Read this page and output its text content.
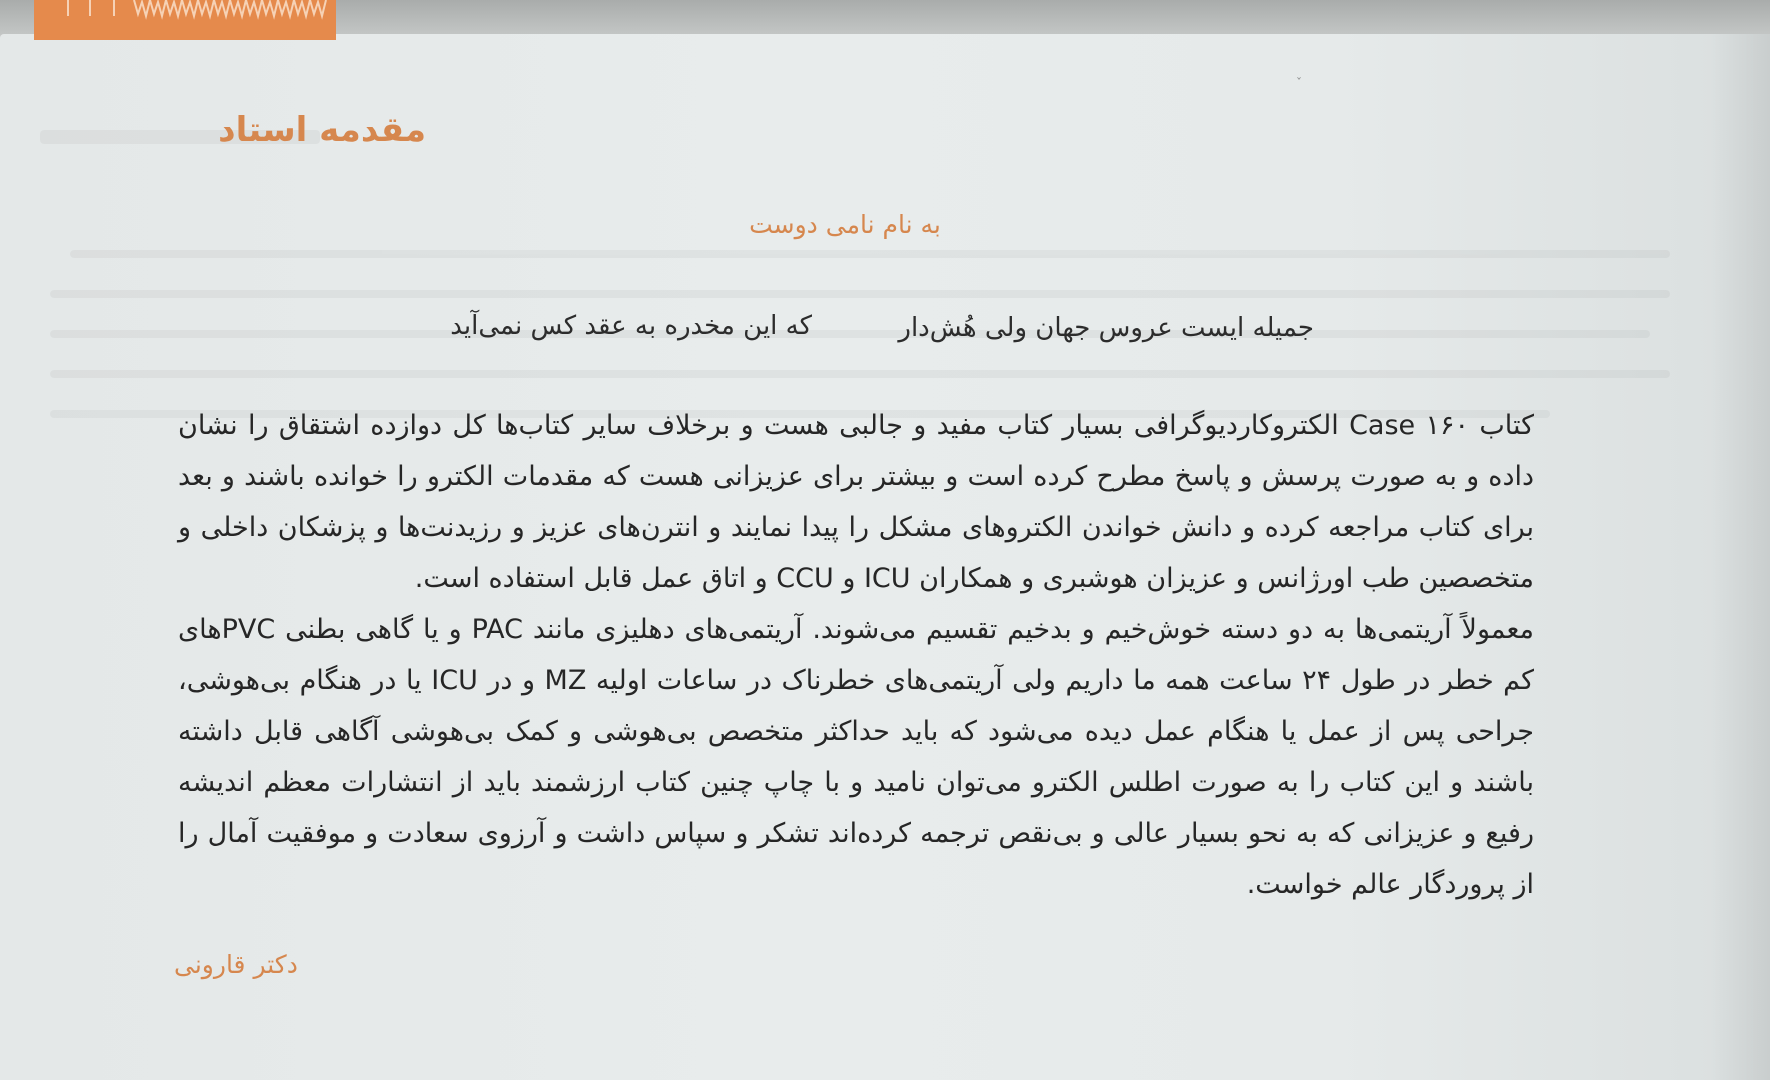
ˇ
مقدمه استاد
به نام نامی دوست
جمیله ایست عروس جهان ولی هُش‌دار
که این مخدره به عقد کس نمی‌آید
کتاب ۱۶۰ Case الکتروکاردیوگرافی بسیار کتاب مفید و جالبی هست و برخلاف سایر کتاب‌ها کل دوازده اشتقاق را نشان داده و به صورت پرسش و پاسخ مطرح کرده است و بیشتر برای عزیزانی هست که مقدمات الکترو را خوانده باشند و بعد برای کتاب مراجعه کرده و دانش خواندن الکتروهای مشکل را پیدا نمایند و انترن‌های عزیز و رزیدنت‌ها و پزشکان داخلی و متخصصین طب اورژانس و عزیزان هوشبری و همکاران ICU و CCU و اتاق عمل قابل استفاده است.
معمولاً آریتمی‌ها به دو دسته خوش‌خیم و بدخیم تقسیم می‌شوند. آریتمی‌های دهلیزی مانند PAC و یا گاهی بطنی PVCهای کم خطر در طول ۲۴ ساعت همه ما داریم ولی آریتمی‌های خطرناک در ساعات اولیه MZ و در ICU یا در هنگام بی‌هوشی، جراحی پس از عمل یا هنگام عمل دیده می‌شود که باید حداکثر متخصص بی‌هوشی و کمک بی‌هوشی آگاهی قابل داشته باشند و این کتاب را به صورت اطلس الکترو می‌توان نامید و با چاپ چنین کتاب ارزشمند باید از انتشارات معظم اندیشه رفیع و عزیزانی که به نحو بسیار عالی و بی‌نقص ترجمه کرده‌اند تشکر و سپاس داشت و آرزوی سعادت و موفقیت آمال را از پروردگار عالم خواست.
دکتر قارونی
